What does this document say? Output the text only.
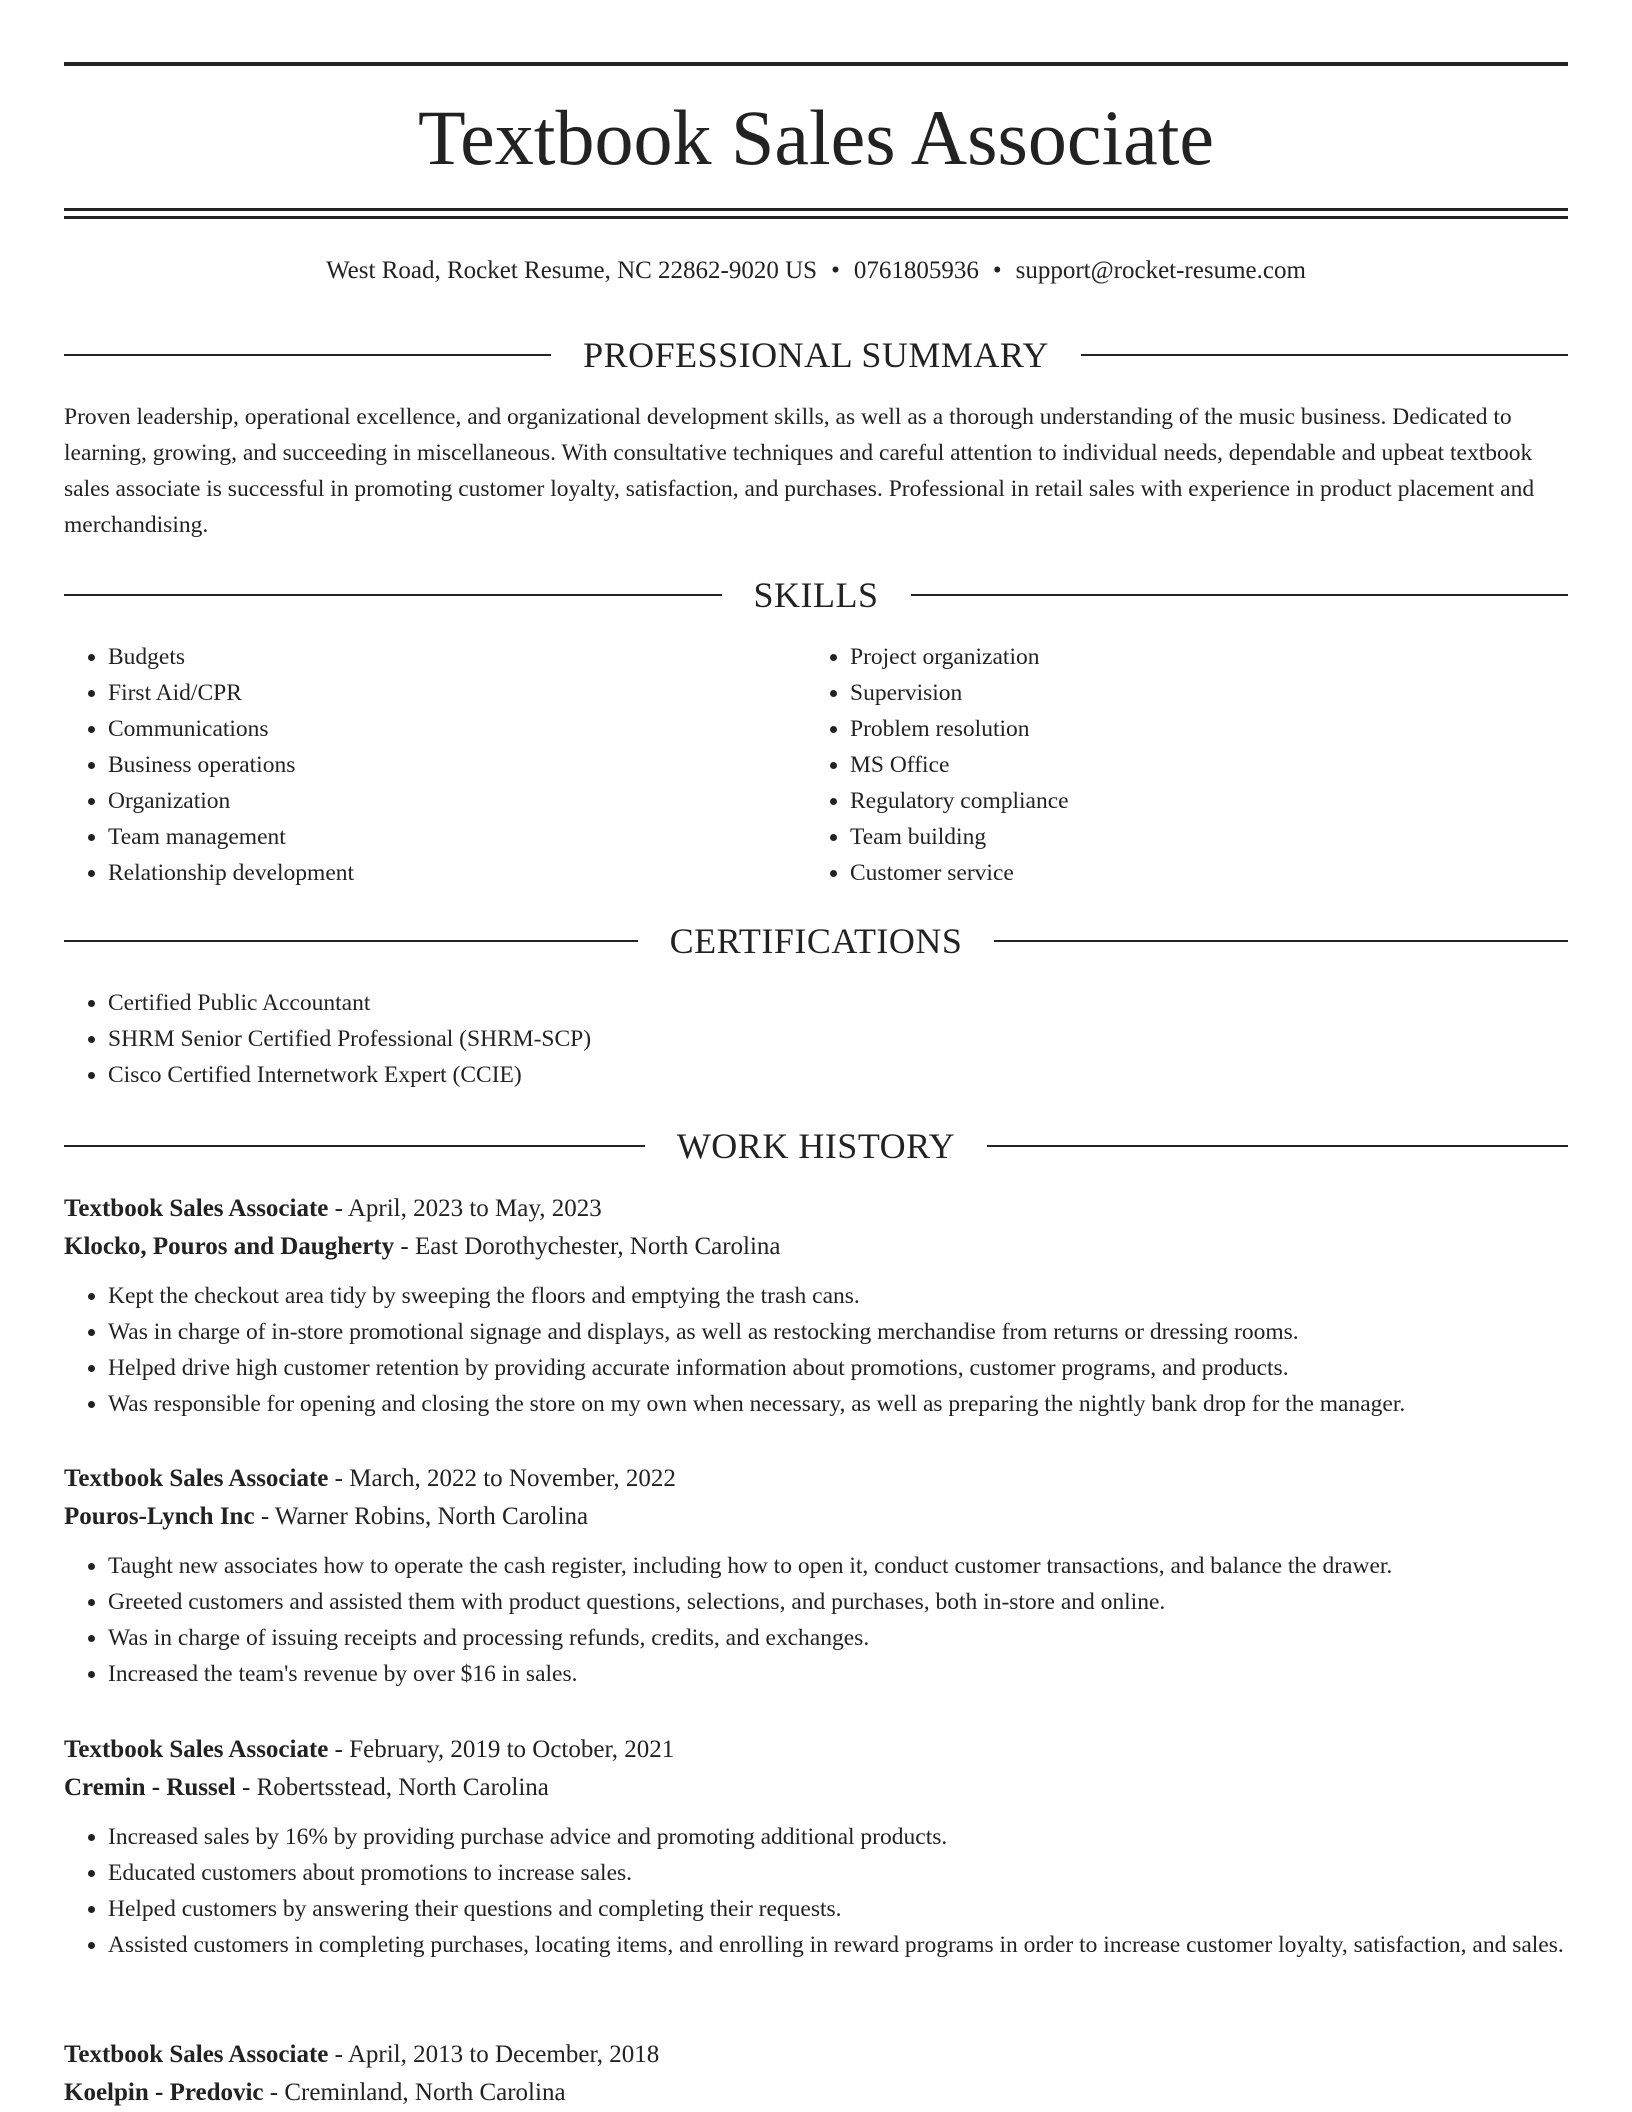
Textbook Sales Associate
West Road, Rocket Resume, NC 22862-9020 US • 0761805936 • support@rocket-resume.com
PROFESSIONAL SUMMARY

Proven leadership, operational excellence, and organizational development skills, as well as a thorough understanding of the music business. Dedicated to learning, growing, and succeeding in miscellaneous. With consultative techniques and careful attention to individual needs, dependable and upbeat textbook sales associate is successful in promoting customer loyalty, satisfaction, and purchases. Professional in retail sales with experience in product placement and merchandising.

SKILLS
• Budgets
• First Aid/CPR
• Communications
• Business operations
• Organization
• Team management
• Relationship development
• Project organization
• Supervision
• Problem resolution
• MS Office
• Regulatory compliance
• Team building
• Customer service
CERTIFICATIONS
• Certified Public Accountant
• SHRM Senior Certified Professional (SHRM-SCP)
• Cisco Certified Internetwork Expert (CCIE)
WORK HISTORY
Textbook Sales Associate - April, 2023 to May, 2023
Klocko, Pouros and Daugherty - East Dorothychester, North Carolina
• Kept the checkout area tidy by sweeping the floors and emptying the trash cans.
• Was in charge of in-store promotional signage and displays, as well as restocking merchandise from returns or dressing rooms.
• Helped drive high customer retention by providing accurate information about promotions, customer programs, and products.
• Was responsible for opening and closing the store on my own when necessary, as well as preparing the nightly bank drop for the manager.
Textbook Sales Associate - March, 2022 to November, 2022
Pouros-Lynch Inc - Warner Robins, North Carolina
• Taught new associates how to operate the cash register, including how to open it, conduct customer transactions, and balance the drawer.
• Greeted customers and assisted them with product questions, selections, and purchases, both in-store and online.
• Was in charge of issuing receipts and processing refunds, credits, and exchanges.
• Increased the team's revenue by over $16 in sales.
Textbook Sales Associate - February, 2019 to October, 2021
Cremin - Russel - Robertsstead, North Carolina
• Increased sales by 16% by providing purchase advice and promoting additional products.
• Educated customers about promotions to increase sales.
• Helped customers by answering their questions and completing their requests.
• Assisted customers in completing purchases, locating items, and enrolling in reward programs in order to increase customer loyalty, satisfaction, and sales.
Textbook Sales Associate - April, 2013 to December, 2018
Koelpin - Predovic - Creminland, North Carolina
